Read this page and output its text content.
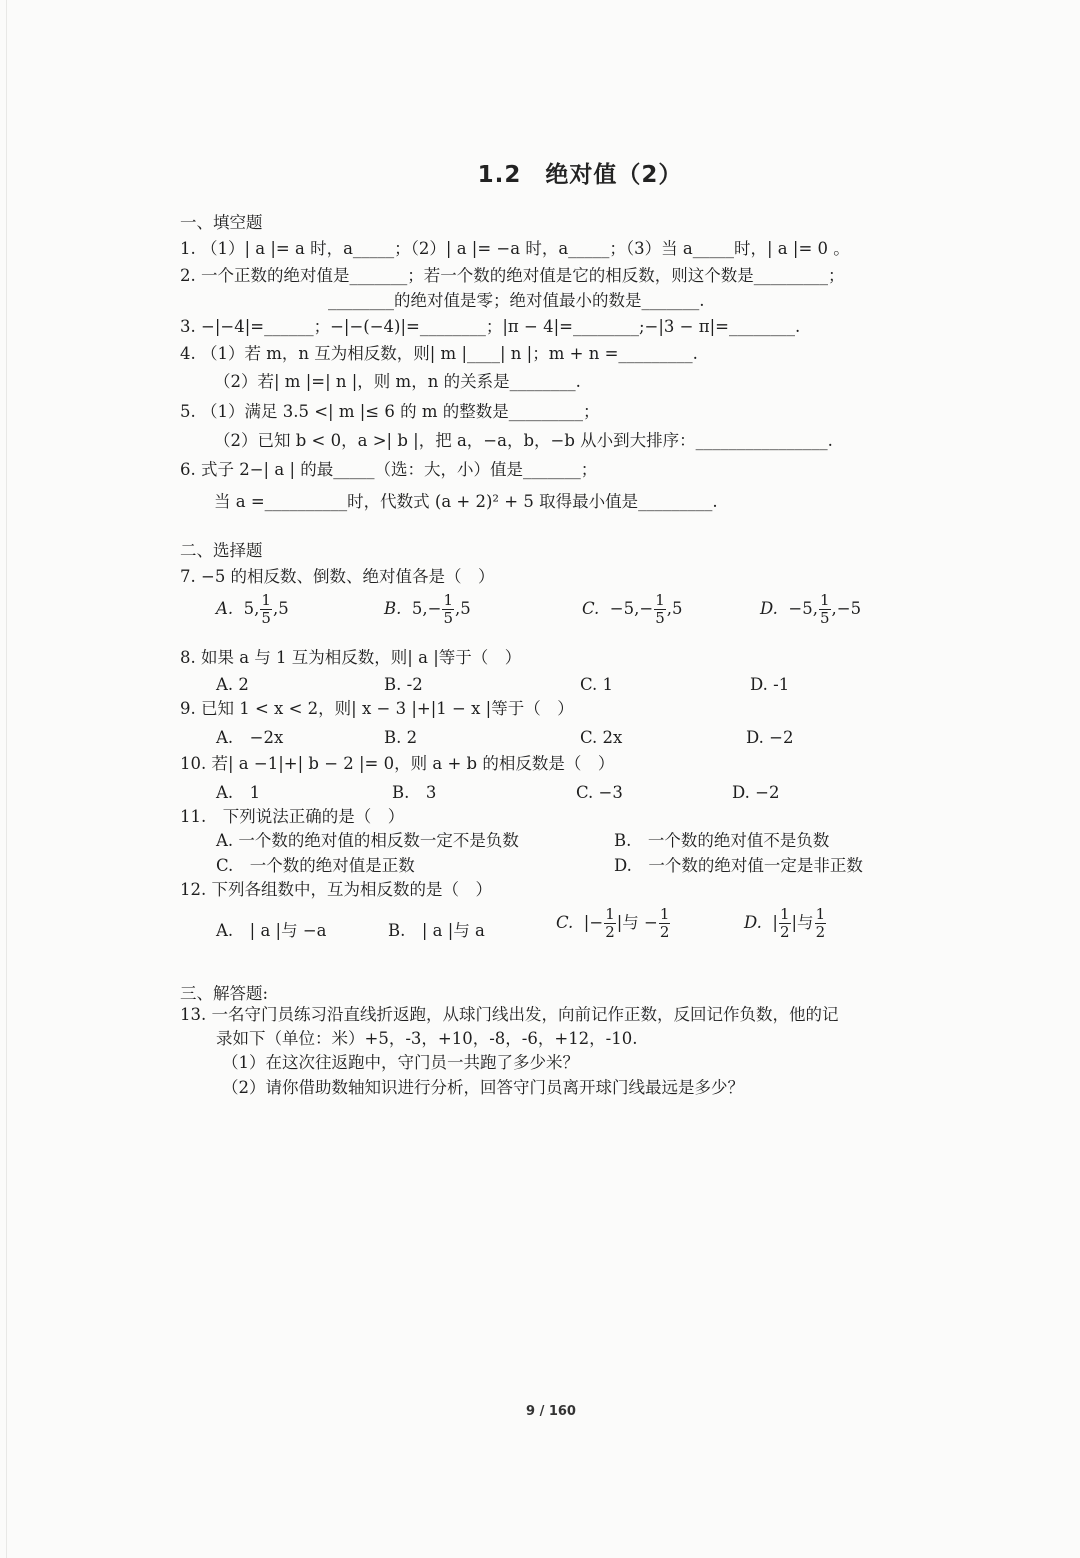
1.2　绝对值（2）
一、填空题
1. （1）| a |= a 时，a_____；（2）| a |= −a 时，a_____；（3）当 a_____时，| a |= 0 。
2. 一个正数的绝对值是_______；若一个数的绝对值是它的相反数，则这个数是_________；
________的绝对值是零；绝对值最小的数是_______.
3. −|−4|=______；−|−(−4)|=________；|π − 4|=________;−|3 − π|=________.
4. （1）若 m，n 互为相反数，则| m |____| n |；m + n =_________.
（2）若| m |=| n |，则 m，n 的关系是________.
5. （1）满足 3.5 <| m |≤ 6 的 m 的整数是_________；
（2）已知 b < 0，a >| b |，把 a，−a，b，−b 从小到大排序：________________.
6. 式子 2−| a | 的最_____（选：大，小）值是_______；
当 a =__________时，代数式 (a + 2)² + 5 取得最小值是_________.
二、选择题
7. −5 的相反数、倒数、绝对值各是（　）
A. 5, $\frac{1}{5} ,5$	B. $5,- \frac{1}{5} ,5$	C. $-5,- \frac{1}{5} ,5$	D. −5, $\frac{1}{5} ,-5$
8. 如果 a 与 1 互为相反数，则| a |等于（　）
A. 2	B. -2	C. 1	D. -1
9. 已知 1 < x < 2，则| x − 3 |+|1 − x |等于（　）
A.　−2x	B. 2	C. 2x	D. −2
10. 若| a −1|+| b − 2 |= 0，则 a + b 的相反数是（　）
A.　1	B.　3	C. −3	D. −2
11.　下列说法正确的是（　）
A. 一个数的绝对值的相反数一定不是负数	B.　一个数的绝对值不是负数
C.　一个数的绝对值是正数	D.　一个数的绝对值一定是非正数
12. 下列各组数中，互为相反数的是（　）
A.　| a |与 −a	B.　| a |与 a	C. |− $\frac{1}{2}$ |与 − $\frac{1}{2}$	D. | $\frac{1}{2}$ |与 $\frac{1}{2}$
三、解答题:
13. 一名守门员练习沿直线折返跑，从球门线出发，向前记作正数，反回记作负数，他的记
录如下（单位：米）+5，-3，+10，-8，-6，+12，-10.
（1）在这次往返跑中，守门员一共跑了多少米？
（2）请你借助数轴知识进行分析，回答守门员离开球门线最远是多少？
9 / 160
